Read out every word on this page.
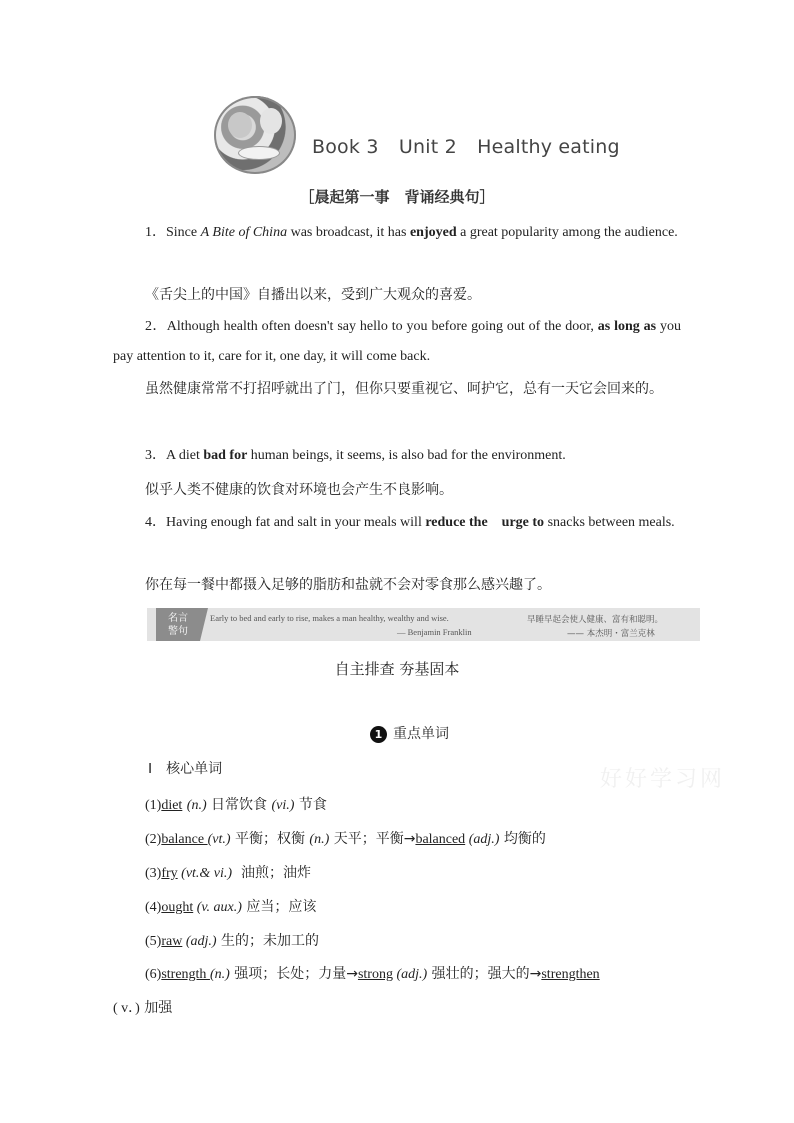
Book 3 Unit 2 Healthy eating
［晨起第一事　背诵经典句］
1．Since A Bite of China was broadcast, it has enjoyed a great popularity among the audience.
《舌尖上的中国》自播出以来，受到广大观众的喜爱。
2．Although health often doesn't say hello to you before going out of the door, as long as you pay attention to it, care for it, one day, it will come back.
虽然健康常常不打招呼就出了门，但你只要重视它、呵护它，总有一天它会回来的。
3．A diet bad for human beings, it seems, is also bad for the environment.
似乎人类不健康的饮食对环境也会产生不良影响。
4．Having enough fat and salt in your meals will reduce the    urge to snacks between meals.
你在每一餐中都摄入足够的脂肪和盐就不会对零食那么感兴趣了。
名言
警句
Early to bed and early to rise, makes a man healthy, wealthy and wise.
— Benjamin Franklin
早睡早起会使人健康、富有和聪明。
—— 本杰明・富兰克林
自主排查 夯基固本
1 重点单词
Ⅰ 核心单词	好好学习网
(1)diet (n.) 日常饮食 (vi.) 节食
(2)balance (vt.) 平衡；权衡 (n.) 天平；平衡→balanced (adj.) 均衡的
(3)fry (vt.& vi.)  油煎；油炸
(4)ought (v. aux.) 应当；应该
(5)raw (adj.) 生的；未加工的
(6)strength (n.) 强项；长处；力量→strong (adj.) 强壮的；强大的→strengthen
( v．) 加强
